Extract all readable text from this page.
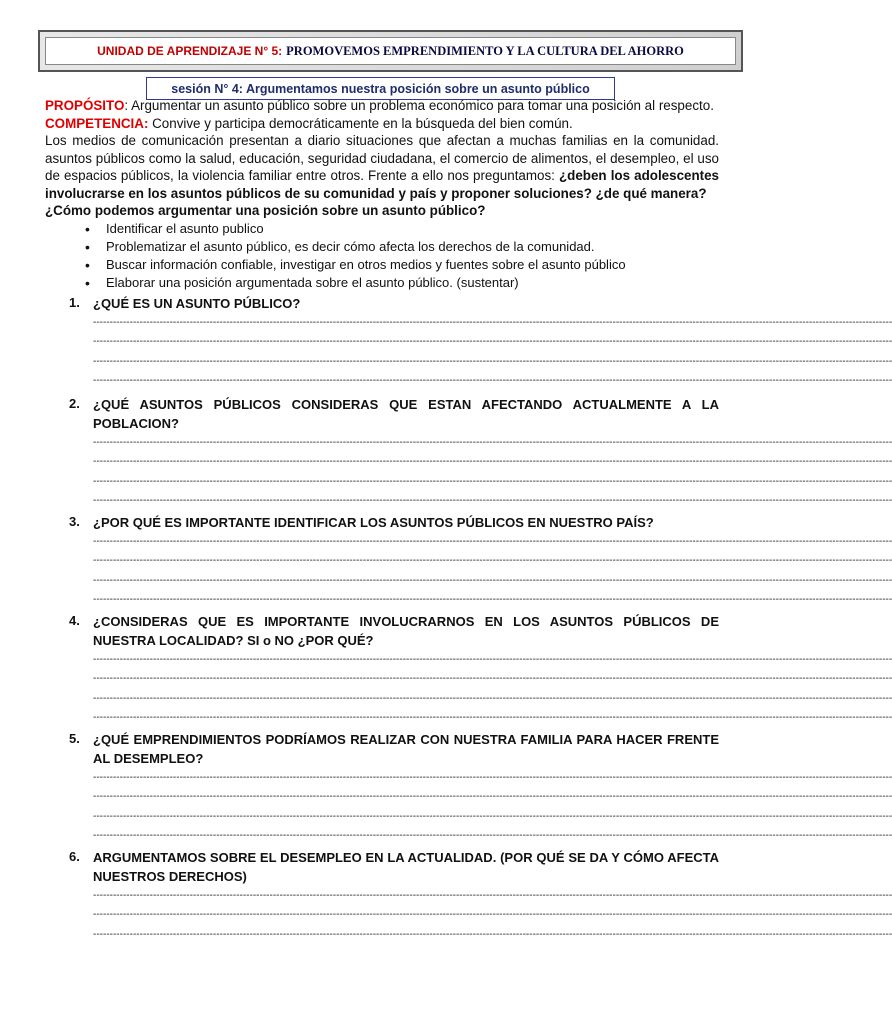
UNIDAD DE APRENDIZAJE N° 5: PROMOVEMOS EMPRENDIMIENTO Y LA CULTURA DEL AHORRO
sesión N° 4: Argumentamos nuestra posición sobre un asunto público
PROPÓSITO: Argumentar un asunto público sobre un problema económico para tomar una posición al respecto.
COMPETENCIA: Convive y participa democráticamente en la búsqueda del bien común.
Los medios de comunicación presentan a diario situaciones que afectan a muchas familias en la comunidad. asuntos públicos como la salud, educación, seguridad ciudadana, el comercio de alimentos, el desempleo, el uso de espacios públicos, la violencia familiar entre otros. Frente a ello nos preguntamos: ¿deben los adolescentes involucrarse en los asuntos públicos de su comunidad y país y proponer soluciones? ¿de qué manera?
¿Cómo podemos argumentar una posición sobre un asunto público?
• Identificar el asunto publico
• Problematizar el asunto público, es decir cómo afecta los derechos de la comunidad.
• Buscar información confiable, investigar en otros medios y fuentes sobre el asunto público
• Elaborar una posición argumentada sobre el asunto público. (sustentar)
1. ¿QUÉ ES UN ASUNTO PÚBLICO?
------------------------------------------------------------------------------------------------------------------------------------------------------------------------------------------------------------------------------------------------
------------------------------------------------------------------------------------------------------------------------------------------------------------------------------------------------------------------------------------------------
------------------------------------------------------------------------------------------------------------------------------------------------------------------------------------------------------------------------------------------------
------------------------------------------------------------------------------------------------------------------------------------------------------------------------------------------------------------------------------------------------
2. ¿QUÉ ASUNTOS PÚBLICOS CONSIDERAS QUE ESTAN AFECTANDO ACTUALMENTE A LA POBLACION?
------------------------------------------------------------------------------------------------------------------------------------------------------------------------------------------------------------------------------------------------
------------------------------------------------------------------------------------------------------------------------------------------------------------------------------------------------------------------------------------------------
------------------------------------------------------------------------------------------------------------------------------------------------------------------------------------------------------------------------------------------------
------------------------------------------------------------------------------------------------------------------------------------------------------------------------------------------------------------------------------------------------
3. ¿POR QUÉ ES IMPORTANTE IDENTIFICAR LOS ASUNTOS PÚBLICOS EN NUESTRO PAÍS?
------------------------------------------------------------------------------------------------------------------------------------------------------------------------------------------------------------------------------------------------
------------------------------------------------------------------------------------------------------------------------------------------------------------------------------------------------------------------------------------------------
------------------------------------------------------------------------------------------------------------------------------------------------------------------------------------------------------------------------------------------------
------------------------------------------------------------------------------------------------------------------------------------------------------------------------------------------------------------------------------------------------
4. ¿CONSIDERAS QUE ES IMPORTANTE INVOLUCRARNOS EN LOS ASUNTOS PÚBLICOS DE NUESTRA LOCALIDAD? SI o NO ¿POR QUÉ?
------------------------------------------------------------------------------------------------------------------------------------------------------------------------------------------------------------------------------------------------
------------------------------------------------------------------------------------------------------------------------------------------------------------------------------------------------------------------------------------------------
------------------------------------------------------------------------------------------------------------------------------------------------------------------------------------------------------------------------------------------------
------------------------------------------------------------------------------------------------------------------------------------------------------------------------------------------------------------------------------------------------
5. ¿QUÉ EMPRENDIMIENTOS PODRÍAMOS REALIZAR CON NUESTRA FAMILIA PARA HACER FRENTE AL DESEMPLEO?
------------------------------------------------------------------------------------------------------------------------------------------------------------------------------------------------------------------------------------------------
------------------------------------------------------------------------------------------------------------------------------------------------------------------------------------------------------------------------------------------------
------------------------------------------------------------------------------------------------------------------------------------------------------------------------------------------------------------------------------------------------
------------------------------------------------------------------------------------------------------------------------------------------------------------------------------------------------------------------------------------------------
6. ARGUMENTAMOS SOBRE EL DESEMPLEO EN LA ACTUALIDAD. (POR QUÉ SE DA Y CÓMO AFECTA NUESTROS DERECHOS)
------------------------------------------------------------------------------------------------------------------------------------------------------------------------------------------------------------------------------------------------
------------------------------------------------------------------------------------------------------------------------------------------------------------------------------------------------------------------------------------------------
------------------------------------------------------------------------------------------------------------------------------------------------------------------------------------------------------------------------------------------------
